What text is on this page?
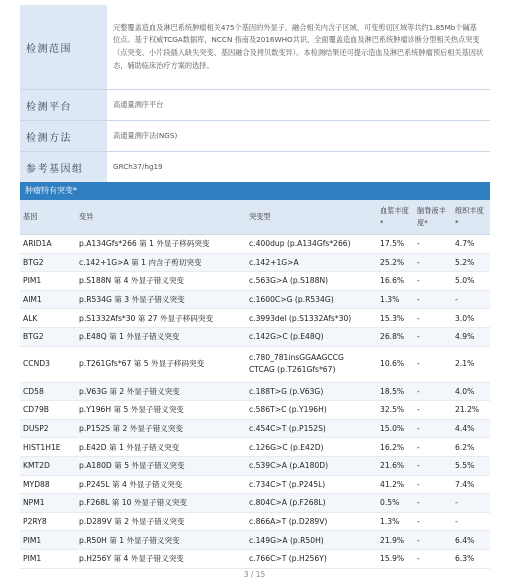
检测范围	完整覆盖造血及淋巴系统肿瘤相关475个基因的外显子、融合相关内含子区域、可变剪切区域等共约1.85Mb个碱基位点。基于权威TCGA数据库，NCCN 指南及2016WHO共识，全面覆盖造血及淋巴系统肿瘤诊断分型相关热点突变（点突变、小片段插入缺失突变、基因融合及拷贝数变异）。本检测结果还可提示造血及淋巴系统肿瘤预后相关基因状态，辅助临床治疗方案的选择。
检测平台	高通量测序平台
检测方法	高通量测序法(NGS)
参考基因组	GRCh37/hg19
肿瘤特有突变*
基因	变异	突变型	血浆丰度*	脑脊液丰度*	组织丰度*
ARID1A	p.A134Gfs*266 第 1 外显子移码突变	c.400dup (p.A134Gfs*266)	17.5%	-	4.7%
BTG2	c.142+1G>A 第 1 内含子剪切突变	c.142+1G>A	25.2%	-	5.2%
PIM1	p.S188N 第 4 外显子错义突变	c.563G>A (p.S188N)	16.6%	-	5.0%
AIM1	p.R534G 第 3 外显子错义突变	c.1600C>G (p.R534G)	1.3%	-	-
ALK	p.S1332Afs*30 第 27 外显子移码突变	c.3993del (p.S1332Afs*30)	15.3%	-	3.0%
BTG2	p.E48Q 第 1 外显子错义突变	c.142G>C (p.E48Q)	26.8%	-	4.9%
CCND3	p.T261Gfs*67 第 5 外显子移码突变	c.780_781insGGAAGCCG
CTCAG (p.T261Gfs*67)	10.6%	-	2.1%
CD58	p.V63G 第 2 外显子错义突变	c.188T>G (p.V63G)	18.5%	-	4.0%
CD79B	p.Y196H 第 5 外显子错义突变	c.586T>C (p.Y196H)	32.5%	-	21.2%
DUSP2	p.P152S 第 2 外显子错义突变	c.454C>T (p.P152S)	15.0%	-	4.4%
HIST1H1E	p.E42D 第 1 外显子错义突变	c.126G>C (p.E42D)	16.2%	-	6.2%
KMT2D	p.A180D 第 5 外显子错义突变	c.539C>A (p.A180D)	21.6%	-	5.5%
MYD88	p.P245L 第 4 外显子错义突变	c.734C>T (p.P245L)	41.2%	-	7.4%
NPM1	p.F268L 第 10 外显子错义突变	c.804C>A (p.F268L)	0.5%	-	-
P2RY8	p.D289V 第 2 外显子错义突变	c.866A>T (p.D289V)	1.3%	-	-
PIM1	p.R50H 第 1 外显子错义突变	c.149G>A (p.R50H)	21.9%	-	6.4%
PIM1	p.H256Y 第 4 外显子错义突变	c.766C>T (p.H256Y)	15.9%	-	6.3%
3 / 15
